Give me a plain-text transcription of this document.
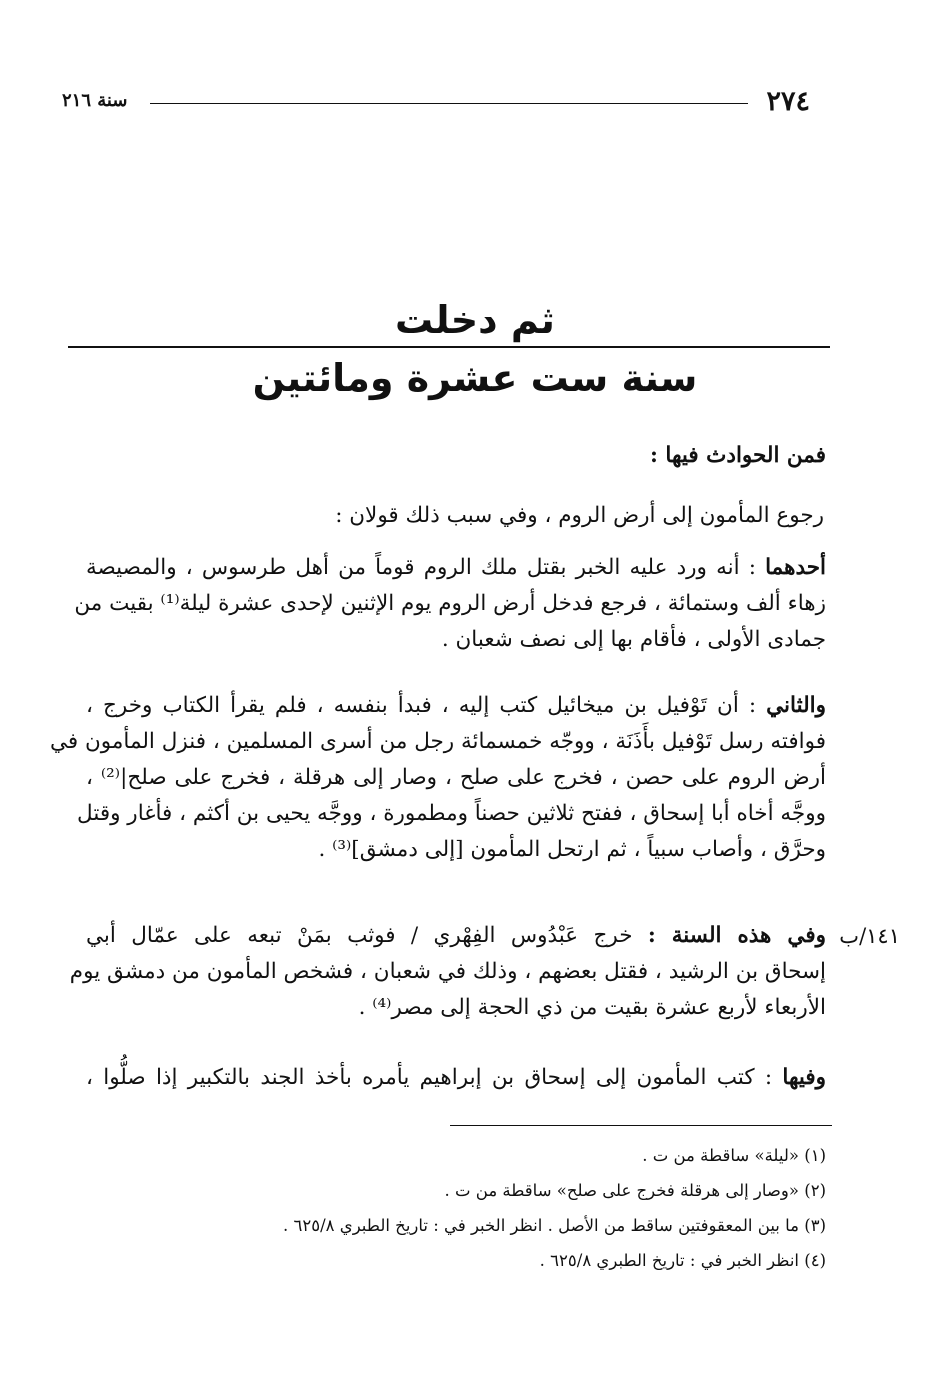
٢٧٤
سنة ٢١٦
ثم دخلت
سنة ست عشرة ومائتين
فمن الحوادث فيها :
رجوع المأمون إلى أرض الروم ، وفي سبب ذلك قولان :
أحدهما : أنه ورد عليه الخبر بقتل ملك الروم قوماً من أهل طرسوس ، والمصيصة
زهاء ألف وستمائة ، فرجع فدخل أرض الروم يوم الإثنين لإحدى عشرة ليلة⁽¹⁾ بقيت من
جمادى الأولى ، فأقام بها إلى نصف شعبان .
والثاني : أن تَوْفيل بن ميخائيل كتب إليه ، فبدأ بنفسه ، فلم يقرأ الكتاب وخرج ،
فوافته رسل تَوْفيل بأَذَنَة ، ووجّه خمسمائة رجل من أسرى المسلمين ، فنزل المأمون في
أرض الروم على حصن ، فخرج على صلح ، وصار إلى هرقلة ، فخرج على صلح|⁽²⁾ ،
ووجَّه أخاه أبا إسحاق ، ففتح ثلاثين حصناً ومطمورة ، ووجَّه يحيى بن أكثم ، فأغار وقتل
وحرَّق ، وأصاب سبياً ، ثم ارتحل المأمون [إلى دمشق]⁽³⁾ .
١٤١/ب
وفي هذه السنة : خرج عَبْدُوس الفِهْري / فوثب بمَنْ تبعه على عمّال أبي
إسحاق بن الرشيد ، فقتل بعضهم ، وذلك في شعبان ، فشخص المأمون من دمشق يوم
الأربعاء لأربع عشرة بقيت من ذي الحجة إلى مصر⁽⁴⁾ .
وفيها : كتب المأمون إلى إسحاق بن إبراهيم يأمره بأخذ الجند بالتكبير إذا صلُّوا ،
(١) «ليلة» ساقطة من ت .
(٢) «وصار إلى هرقلة فخرج على صلح» ساقطة من ت .
(٣) ما بين المعقوفتين ساقط من الأصل . انظر الخبر في : تاريخ الطبري ٦٢٥/٨ .
(٤) انظر الخبر في : تاريخ الطبري ٦٢٥/٨ .
